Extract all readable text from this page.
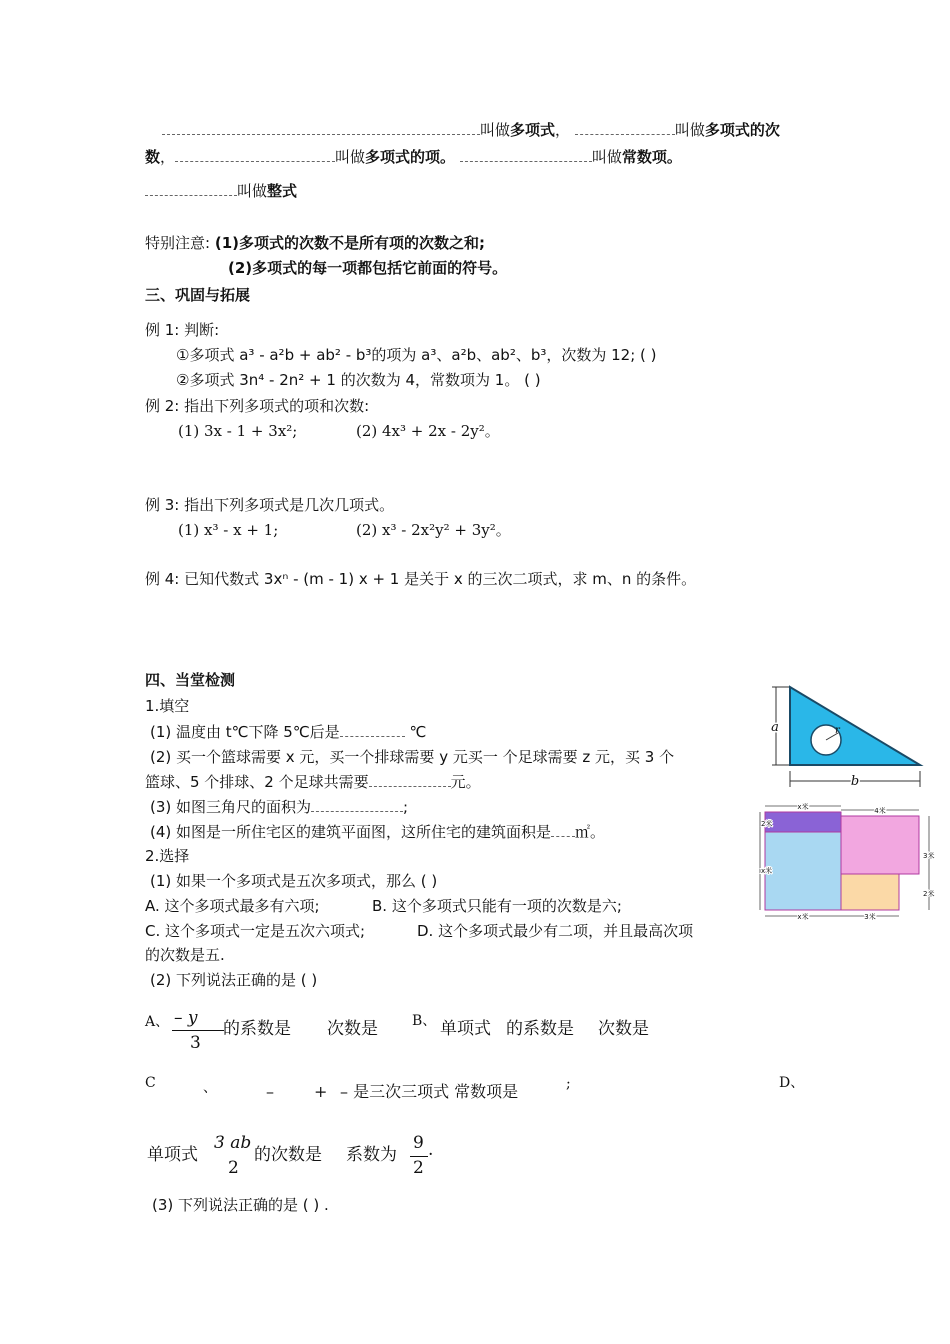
叫做多项式，	叫做多项式的次
数，	叫做多项式的项。	叫做常数项。
叫做整式
特别注意: (1)多项式的次数不是所有项的次数之和;
(2)多项式的每一项都包括它前面的符号。
三、巩固与拓展
例 1: 判断:
①多项式 a³ - a²b + ab² - b³的项为 a³、a²b、ab²、b³，次数为 12; ( )
②多项式 3n⁴ - 2n² + 1 的次数为 4，常数项为 1。 ( )
例 2: 指出下列多项式的项和次数:
(1) 3x - 1 + 3x²;	(2) 4x³ + 2x - 2y²。
例 3: 指出下列多项式是几次几项式。
(1) x³ - x + 1;	(2) x³ - 2x²y² + 3y²。
例 4: 已知代数式 3xⁿ - (m - 1) x + 1 是关于 x 的三次二项式，求 m、n 的条件。
四、当堂检测
1.填空
(1) 温度由 t℃下降 5℃后是	℃
(2) 买一个篮球需要 x 元，买一个排球需要 y 元买一 个足球需要 z 元，买 3 个
篮球、5 个排球、2 个足球共需要	元。
(3) 如图三角尺的面积为	;
(4) 如图是一所住宅区的建筑平面图，这所住宅的建筑面积是 ㎡。
2.选择
(1) 如果一个多项式是五次多项式，那么 ( )
A. 这个多项式最多有六项;	B. 这个多项式只能有一项的次数是六;
C. 这个多项式一定是五次六项式;	D. 这个多项式最少有二项，并且最高次项
的次数是五.
(2) 下列说法正确的是 ( )
A、 – y
3
的系数是 次数是 B、 单项式 的系数是 次数是
C	、	–	+ – 是三次三项式 常数项是	;	D、
单项式
3 ab
2
的次数是 系数为
9
2
.
(3) 下列说法正确的是 ( ) .
a
b
r
x米	4米
2米
x米
3米
2米
x米	3米
